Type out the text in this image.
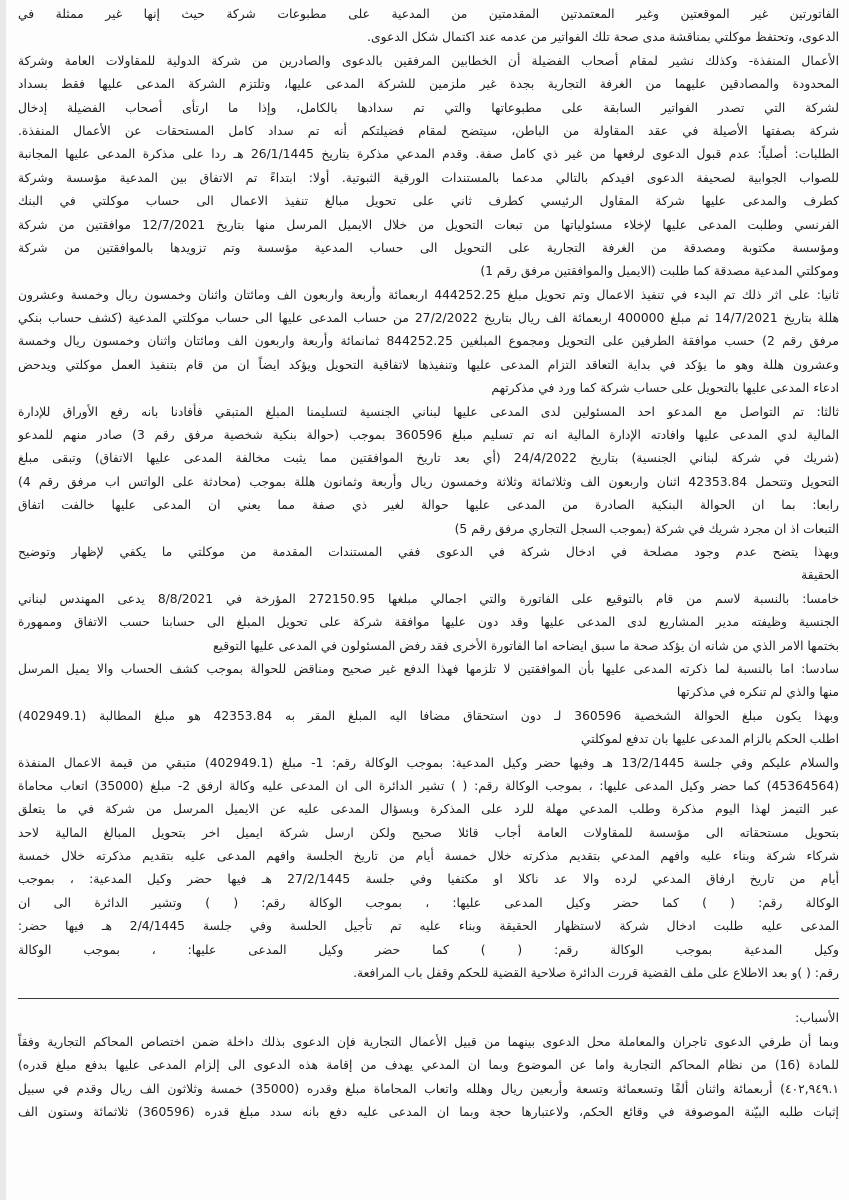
الفاتورتين غير الموقعتين وغير المعتمدتين المقدمتين من المدعية على مطبوعات شركة حيث إنها غير ممثلة في
الدعوى، وتحتفظ موكلتي بمناقشة مدى صحة تلك الفواتير من عدمه عند اكتمال شكل الدعوى.
الأعمال المنفذة- وكذلك نشير لمقام أصحاب الفضيلة أن الخطابين المرفقين بالدعوى والصادرين من شركة الدولية للمقاولات العامة وشركة
المحدودة والمصادقين عليهما من الغرفة التجارية بجدة غير ملزمين للشركة المدعى عليها، وتلتزم الشركة المدعى عليها فقط بسداد
لشركة التي تصدر الفواتير السابقة على مطبوعاتها والتي تم سدادها بالكامل، وإذا ما ارتأى أصحاب الفضيلة إدخال
شركة بصفتها الأصيلة في عقد المقاولة من الباطن، سيتضح لمقام فضيلتكم أنه تم سداد كامل المستحقات عن الأعمال المنفذة.
الطلبات: أصلياً: عدم قبول الدعوى لرفعها من غير ذي كامل صفة. وقدم المدعي مذكرة بتاريخ 26/1/1445 هـ ردا على مذكرة المدعى عليها المجانبة
للصواب الجوابية لصحيفة الدعوى افيدكم بالتالي مدعما بالمستندات الورقية الثبوتية. أولا: ابتداءً تم الاتفاق بين المدعية مؤسسة وشركة
كطرف والمدعى عليها شركة المقاول الرئيسي كطرف ثاني على تحويل مبالغ تنفيذ الاعمال الى حساب موكلتي في البنك
الفرنسي وطلبت المدعى عليها لإخلاء مسئولياتها من تبعات التحويل من خلال الايميل المرسل منها بتاريخ 12/7/2021 موافقتين من شركة
ومؤسسة مكتوبة ومصدقة من الغرفة التجارية على التحويل الى حساب المدعية مؤسسة وتم تزويدها بالموافقتين من شركة
وموكلتي المدعية مصدقة كما طلبت (الايميل والموافقتين مرفق رقم 1)
ثانيا: على اثر ذلك تم البدء في تنفيذ الاعمال وتم تحويل مبلغ 444252.25 اربعمائة وأربعة واربعون الف ومائتان واثنان وخمسون ريال وخمسة وعشرون
هللة بتاريخ 14/7/2021 ثم مبلغ 400000 اربعمائة الف ريال بتاريخ 27/2/2022 من حساب المدعى عليها الى حساب موكلتي المدعية (كشف حساب بنكي
مرفق رقم 2) حسب موافقة الطرفين على التحويل ومجموع المبلغين 844252.25 ثمانمائة وأربعة واربعون الف ومائتان واثنان وخمسون ريال وخمسة
وعشرون هللة وهو ما يؤكد في بداية التعاقد التزام المدعى عليها وتنفيذها لاتفاقية التحويل ويؤكد ايضاً ان من قام بتنفيذ العمل موكلتي ويدحض
ادعاء المدعى عليها بالتحويل على حساب شركة كما ورد في مذكرتهم
ثالثا: تم التواصل مع المدعو احد المسئولين لدى المدعى عليها لبناني الجنسية لتسليمنا المبلغ المتبقي فأفادنا بانه رفع الأوراق للإدارة
المالية لدي المدعى عليها وافادته الإدارة المالية انه تم تسليم مبلغ 360596 بموجب (حوالة بنكية شخصية مرفق رقم 3) صادر منهم للمدعو
(شريك في شركة لبناني الجنسية) بتاريخ 24/4/2022 (أي بعد تاريخ الموافقتين مما يثبت مخالفة المدعى عليها الاتفاق) وتبقى مبلغ
التحويل وتتحمل 42353.84 اثنان واربعون الف وثلاثمائة وثلاثة وخمسون ريال وأربعة وثمانون هللة بموجب (محادثة على الواتس اب مرفق رقم 4)
رابعا: بما ان الحوالة البنكية الصادرة من المدعى عليها حوالة لغير ذي صفة مما يعني ان المدعى عليها خالفت اتفاق
التبعات اذ ان مجرد شريك في شركة (بموجب السجل التجاري مرفق رقم 5)
وبهذا يتضح عدم وجود مصلحة في ادخال شركة في الدعوى ففي المستندات المقدمة من موكلتي ما يكفي لإظهار وتوضيح
الحقيقة
خامسا: بالنسبة لاسم من قام بالتوقيع على الفاتورة والتي اجمالي مبلغها 272150.95 المؤرخة في 8/8/2021 يدعى المهندس لبناني
الجنسية وظيفته مدير المشاريع لدى المدعى عليها وقد دون عليها موافقة شركة على تحويل المبلغ الى حسابنا حسب الاتفاق وممهورة
بختمها الامر الذي من شانه ان يؤكد صحة ما سبق ايضاحه اما الفاتورة الأخرى فقد رفض المسئولون في المدعى عليها التوقيع
سادسا: اما بالنسبة لما ذكرته المدعى عليها بأن الموافقتين لا تلزمها فهذا الدفع غير صحيح ومناقض للحوالة بموجب كشف الحساب والا يميل المرسل
منها والذي لم تنكره في مذكرتها
وبهذا يكون مبلغ الحوالة الشخصية 360596 لـ دون استحقاق مضافا اليه المبلغ المقر به 42353.84 هو مبلغ المطالبة (402949.1)
اطلب الحكم بالزام المدعى عليها بان تدفع لموكلتي
والسلام عليكم وفي جلسة 13/2/1445 هـ وفيها حضر وكيل المدعية: بموجب الوكالة رقم: 1- مبلغ (402949.1) متبقي من قيمة الاعمال المنفذة
(45364564) كما حضر وكيل المدعى عليها: ، بموجب الوكالة رقم: ( ) تشير الدائرة الى ان المدعى عليه وكالة ارفق 2- مبلغ (35000) اتعاب محاماة
عبر التيمز لهذا اليوم مذكرة وطلب المدعي مهلة للرد على المذكرة وبسؤال المدعى عليه عن الايميل المرسل من شركة في ما يتعلق
بتحويل مستحقاته الى مؤسسة للمقاولات العامة أجاب قائلا صحيح ولكن ارسل شركة ايميل اخر بتحويل المبالغ المالية لاحد
شركاء شركة وبناء عليه وافهم المدعي بتقديم مذكرته خلال خمسة أيام من تاريخ الجلسة وافهم المدعى عليه بتقديم مذكرته خلال خمسة
أيام من تاريخ ارفاق المدعي لرده والا عد ناكلا او مكتفيا وفي جلسة 27/2/1445 هـ فيها حضر وكيل المدعية: ، بموجب
الوكالة رقم: ( ) كما حضر وكيل المدعى عليها: ، بموجب الوكالة رقم: ( ) وتشير الدائرة الى ان
المدعى عليه طلبت ادخال شركة لاستظهار الحقيقة وبناء عليه تم تأجيل الحلسة وفي جلسة 2/4/1445 هـ فيها حضر:
وكيل المدعية بموجب الوكالة رقم: ( ) كما حضر وكيل المدعى عليها: ، بموجب الوكالة
رقم: ( )و بعد الاطلاع على ملف القضية قررت الدائرة صلاحية القضية للحكم وقفل باب المرافعة.
الأسباب:
وبما أن طرفي الدعوى تاجران والمعاملة محل الدعوى بينهما من قبيل الأعمال التجارية فإن الدعوى بذلك داخلة ضمن اختصاص المحاكم التجارية وفقاً
للمادة (16) من نظام المحاكم التجارية واما عن الموضوع وبما ان المدعي يهدف من إقامة هذه الدعوى الى إلزام المدعى عليها بدفع مبلغ قدره)
٤٠٢,٩٤٩.١) أربعمائة واثنان ألفًا وتسعمائة وتسعة وأربعين ريال وهلله واتعاب المحاماة مبلغ وقدره (35000) خمسة وثلاثون الف ريال وقدم في سبيل
إثبات طلبه البيّنة الموصوفة في وقائع الحكم، ولاعتبارها حجة وبما ان المدعى عليه دفع بانه سدد مبلغ قدره (360596) ثلاثمائة وستون الف
